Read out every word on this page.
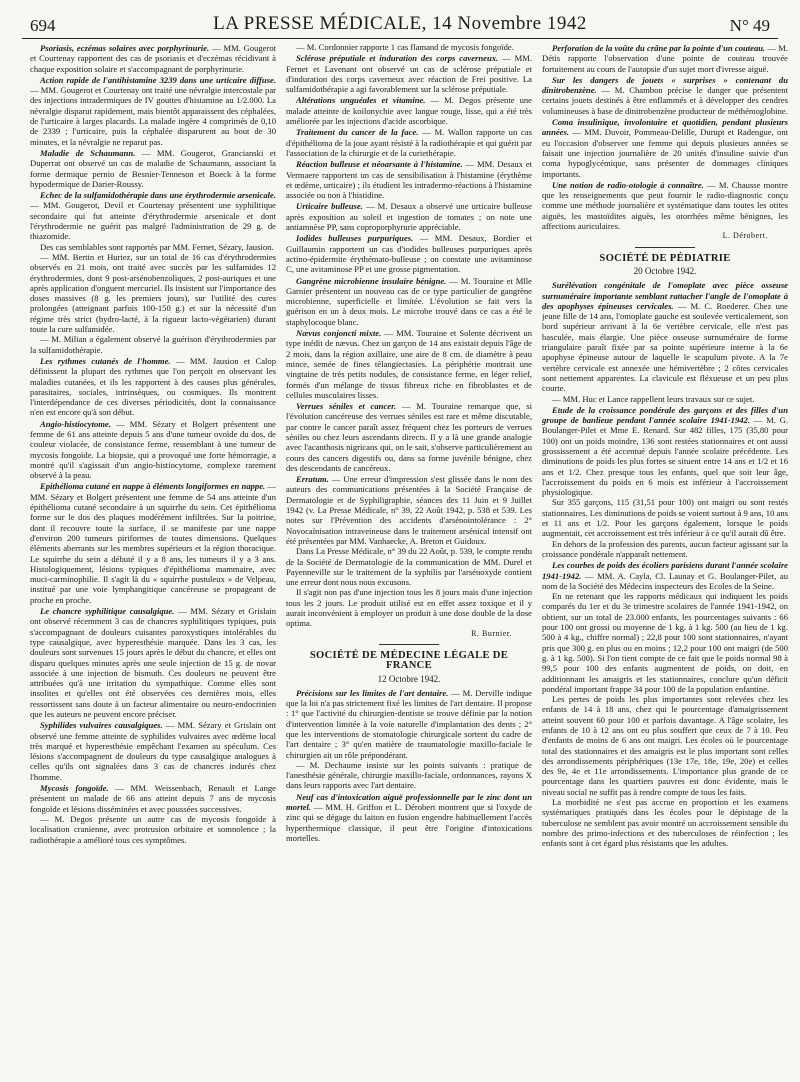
694	LA PRESSE MÉDICALE, 14 Novembre 1942	N° 49

Psoriasis, eczémas solaires avec porphyrinurie. — MM. Gougerot et Courtenay rapportent des cas de psoriasis et d'eczémas récidivant à chaque exposition solaire et s'accompagnant de porphyrinurie.

Action rapide de l'antihistamine 3239 dans une urticaire diffuse. — MM. Gougerot et Courtenay ont traité une névralgie intercostale par des injections intradermiques de IV gouttes d'histamine au 1/2.000. La névralgie disparut rapidement, mais bientôt apparaissent des céphalées, de l'urticaire à larges placards. La malade ingère 4 comprimés de 0,10 de 2339 ; l'urticaire, puis la céphalée disparurent au bout de 30 minutes, et la névralgie ne reparut pas.

Maladie de Schaumann. — MM. Gougerot, Grancianski et Duperrat ont observé un cas de maladie de Schaumann, associant la forme dermique pernio de Besnier-Tenneson et Boeck à la forme hypodermique de Darier-Roussy.

Echec de la sulfamidothérapie dans une érythrodermie arsenicale. — MM. Gougerot, Devil et Courtenay présentent une syphilitique secondaire qui fut atteinte d'érythrodermie arsenicale et dont l'érythrodermie ne guérit pas malgré l'administration de 29 g. de thiazomide.

Des cas semblables sont rapportés par MM. Fernet, Sézary, Jausion.

— MM. Bertin et Huriez, sur un total de 16 cas d'érythrodermies observés en 21 mois, ont traité avec succès par les sulfamides 12 érythrodermies, dont 9 post-arsénobenzoliques, 2 post-auriques et une après application d'onguent mercuriel. Ils insistent sur l'importance des doses massives (8 g. les premiers jours), sur l'utilité des cures prolongées (atteignant parfois 100-150 g.) et sur la nécessité d'un régime très strict (hydro-lacté, à la rigueur lacto-végétarien) durant toute la cure sulfamidée.

— M. Milian a également observé la guérison d'érythrodermies par la sulfamidothérapie.

Les rythmes cutanés de l'homme. — MM. Jausion et Calop définissent la plupart des rythmes que l'on perçoit en observant les maladies cutanées, et ils les rapportent à des causes plus générales, parasitaires, sociales, intrinsèques, ou cosmiques. Ils montrent l'interdépendance de ces diverses périodicités, dont la connaissance n'en est encore qu'à son début.

Angio-histiocytome. — MM. Sézary et Bolgert présentent une femme de 61 ans atteinte depuis 5 ans d'une tumeur ovoïde du dos, de couleur violacée, de consistance ferme, ressemblant à une tumeur de mycosis fongoïde. La biopsie, qui a provoqué une forte hémorragie, a montré qu'il s'agissait d'un angio-histiocytome, complexe rarement observé à la peau.

Epithélioma cutané en nappe à éléments longiformes en nappe. — MM. Sézary et Bolgert présentent une femme de 54 ans atteinte d'un épithélioma cutané secondaire à un squirrhe du sein. Cet épithélioma forme sur le dos des plaques modérément infiltrées. Sur la poitrine, dont il recouvre toute la surface, il se manifeste par une nappe d'environ 200 tumeurs piriformes de toutes dimensions. Quelques éléments aberrants sur les membres supérieurs et la région thoracique. Le squirrhe du sein a débuté il y a 8 ans, les tumeurs il y a 3 ans. Histologiquement, lésions typiques d'épithélioma mammaire, avec muci-carminophilie. Il s'agit là du « squirrhe pustuleux » de Velpeau, institué par une voie lymphangitique cancéreuse se propageant de proche en proche.

Le chancre syphilitique causalgique. — MM. Sézary et Grislain ont observé récemment 3 cas de chancres syphilitiques typiques, puis s'accompagnant de douleurs cuisantes paroxystiques intolérables du type causalgique, avec hyperesthésie marquée. Dans les 3 cas, les douleurs sont survenues 15 jours après le début du chancre, et elles ont disparu quelques minutes après une seule injection de 15 g. de novar associée à une injection de bismuth. Ces douleurs ne peuvent être attribuées qu'à une irritation du sympathique. Comme elles sont insolites et qu'elles ont été observées ces dernières mois, elles ressortissent sans doute à un facteur alimentaire ou neuro-endocrinien que les auteurs ne peuvent encore préciser.

Syphilides vulvaires causalgiques. — MM. Sézary et Grislain ont observé une femme atteinte de syphilides vulvaires avec œdème local très marqué et hyperesthésie empêchant l'examen au spéculum. Ces lésions s'accompagnent de douleurs du type causalgique analogues à celles qu'ils ont signalées dans 3 cas de chancres indurés chez l'homme.

Mycosis fongoïde. — MM. Weissenbach, Renault et Lange présentent un malade de 66 ans atteint depuis 7 ans de mycosis fongoïde et lésions disséminées et avec poussées successives.

— M. Degos présente un autre cas de mycosis fongoïde à localisation cranienne, avec protrusion orbitaire et somnolence ; la radiothérapie a amélioré tous ces symptômes.

— M. Cordonnier rapporte 1 cas flamand de mycosis fongoïde.

Sclérose préputiale et induration des corps caverneux. — MM. Fernet et Lavenant ont observé un cas de sclérose préputiale et d'induration des corps caverneux avec réaction de Frei positive. La sulfamidothérapie a agi favorablement sur la sclérose préputiale.

Altérations unguéales et vitamine. — M. Degos présente une malade atteinte de koilonychie avec langue rouge, lisse, qui a été très améliorée par les injections d'acide ascorbique.

Traitement du cancer de la face. — M. Wallon rapporte un cas d'épithélioma de la joue ayant résisté à la radiothérapie et qui guérit par l'association de la chirurgie et de la curiethérapie.

Réaction bulleuse et néoarsante à l'histamine. — MM. Desaux et Vermaere rapportent un cas de sensibilisation à l'histamine (érythème et œdème, urticaire) ; ils étudient les intradermo-réactions à l'histamine associée ou non à l'histidine.

Urticaire bulleuse. — M. Desaux a observé une urticaire bulleuse après exposition au soleil et ingestion de tomates ; on note une antiamnèse PP, sans coproporphyrurie appréciable.

Iodides bulleuses purpuriques. — MM. Desaux, Bordier et Guillaumin rapportent un cas d'iodides bulleuses purpuriques après actino-épidermite érythémato-bulleuse ; on constate une avitaminose C, une avitaminose PP et une grosse pigmentation.

Gangrène microbienne insulaire bénigne. — M. Touraine et Mlle Garnier présentent un nouveau cas de ce type particulier de gangrène microbienne, superficielle et limitée. L'évolution se fait vers la guérison en un à deux mois. Le microbe trouvé dans ce cas a été le staphylocoque blanc.

Nævus conjoncti mixte. — MM. Touraine et Solente décrivent un type inédit de nævus. Chez un garçon de 14 ans existait depuis l'âge de 2 mois, dans la région axillaire, une aire de 8 cm. de diamètre à peau mince, semée de fines télangiectasies. La périphérie montrait une vingtaine de très petits nodules, de consistance ferme, en léger relief, formés d'un mélange de tissus fibreux riche en fibroblastes et de cellules musculaires lisses.

Verrues séniles et cancer. — M. Touraine remarque que, si l'évolution cancéreuse des verrues séniles est rare et même discutable, par contre le cancer paraît assez fréquent chez les porteurs de verrues séniles ou chez leurs ascendants directs. Il y a là une grande analogie avec l'acanthosis nigricans qui, on le sait, s'observe particulièrement au cours des cancers digestifs ou, dans sa forme juvénile bénigne, chez des descendants de cancéreux.

Erratum. — Une erreur d'impression s'est glissée dans le nom des auteurs des communications présentées à la Société Française de Dermatologie et de Syphiligraphie, séances des 11 Juin et 9 Juillet 1942 (v. La Presse Médicale, n° 39, 22 Août 1942, p. 538 et 539. Les notes sur l'Prévention des accidents d'arsénointolérance : 2° Novocaïnisation intraveineuse dans le traitement arsénical intensif ont été présentées par MM. Vanhaecke, A. Breton et Guidoux.

Dans La Presse Médicale, n° 39 du 22 Août, p. 539, le compte rendu de la Société de Dermatologie de la communication de MM. Durel et Payenneville sur le traitement de la syphilis par l'arsénoxyde contient une erreur dont nous nous excusons.

Il s'agit non pas d'une injection tous les 8 jours mais d'une injection tous les 2 jours. Le produit utilisé est en effet assez toxique et il y aurait inconvénient à employer un produit à une dose double de la dose optima.

R. Burnier.
SOCIÉTÉ DE MÉDECINE LÉGALE DE FRANCE
12 Octobre 1942.

Précisions sur les limites de l'art dentaire. — M. Derville indique que la loi n'a pas strictement fixé les limites de l'art dentaire. Il propose : 1° que l'activité du chirurgien-dentiste se trouve définie par la notion d'intervention limitée à la voie naturelle d'implantation des dents ; 2° que les interventions de stomatologie chirurgicale sortent du cadre de l'art dentaire ; 3° qu'en matière de traumatologie maxillo-faciale le chirurgien ait un rôle prépondérant.

— M. Dechaume insiste sur les points suivants : pratique de l'anesthésie générale, chirurgie maxillo-faciale, ordonnances, rayons X dans leurs rapports avec l'art dentaire.

Neuf cas d'intoxication aiguë professionnelle par le zinc dont un mortel. — MM. H. Griffon et L. Dérobert montrent que si l'oxyde de zinc qui se dégage du laiton en fusion engendre habituellement l'accès hyperthermique classique, il peut être l'origine d'intoxications mortelles.

Perforation de la voûte du crâne par la pointe d'un couteau. — M. Détis rapporte l'observation d'une pointe de couteau trouvée fortuitement au cours de l'autopsie d'un sujet mort d'ivresse aiguë.

Sur les dangers de jouets « surprises » contenant du dinitrobenzène. — M. Chambon précise le danger que présentent certains jouets destinés à être enflammés et à développer des cendres volumineuses à base de dinitrobenzène producteur de méthémoglobine.

Coma insulinique, involontaire et quotidien, pendant plusieurs années. — MM. Duvoir, Pommeau-Delille, Durupt et Radengue, ont eu l'occasion d'observer une femme qui depuis plusieurs années se faisait une injection journalière de 20 unités d'insuline suivie d'un coma hypoglycémique, sans présenter de dommages cliniques importants.

Une notion de radio-otologie à connaître. — M. Chausse montre que les renseignements que peut fournir le radio-diagnostic conçu comme une méthode journalière et systématique dans toutes les otites aiguës, les mastoïdites aiguës, les otorrhées même bénignes, les affections auriculaires.

L. Dérobert.
SOCIÉTÉ DE PÉDIATRIE
20 Octobre 1942.

Surélévation congénitale de l'omoplate avec pièce osseuse surnuméraire importante semblant rattacher l'angle de l'omoplate à des apophyses épineuses cervicales. — M. C. Roederer. Chez une jeune fille de 14 ans, l'omoplate gauche est soulevée verticalement, son bord supérieur arrivant à la 6e vertèbre cervicale, elle n'est pas basculée, mais élargie. Une pièce osseuse surnuméraire de forme triangulaire paraît fixée par sa pointe supérieure interne à la 6e apophyse épineuse autour de laquelle le scapulum pivote. A la 7e vertèbre cervicale est annexée une hémivertèbre ; 2 côtes cervicales sont nettement apparentes. La clavicule est fléxueuse et un peu plus courte.

— MM. Huc et Lance rappellent leurs travaux sur ce sujet.

Etude de la croissance pondérale des garçons et des filles d'un groupe de banlieue pendant l'année scolaire 1941-1942. — M. G. Boulanger-Pilet et Mme E. Renard. Sur 482 filles, 175 (35,80 pour 100) ont un poids moindre, 136 sont restées stationnaires et ont aussi grossissement a été accentué depuis l'année scolaire précédente. Les diminutions de poids les plus fortes se situent entre 14 ans et 1/2 et 16 ans et 1/2. Chez presque tous les enfants, quel que soit leur âge, l'accroissement du poids en 6 mois est inférieur à l'accroissement physiologique.

Sur 355 garçons, 115 (31,51 pour 100) ont maigri ou sont restés stationnaires. Les diminutions de poids se voient surtout à 9 ans, 10 ans et 11 ans et 1/2. Pour les garçons également, lorsque le poids augmentait, cet accroissement est très inférieur à ce qu'il aurait dû être.

En dehors de la profession des parents, aucun facteur agissant sur la croissance pondérale n'apparaît nettement.

Les courbes de poids des écoliers parisiens durant l'année scolaire 1941-1942. — MM. A. Cayla, Cl. Launay et G. Boulanger-Pilet, au nom de la Société des Médecins inspecteurs des Ecoles de la Seine.

En ne retenant que les rapports médicaux qui indiquent les poids comparés du 1er et du 3e trimestre scolaires de l'année 1941-1942, on obtient, sur un total de 23.000 enfants, les pourcentages suivants : 66 pour 100 ont grossi ou moyenne de 1 kg. à 1 kg. 500 (au lieu de 1 kg. 500 à 4 kg., chiffre normal) ; 22,8 pour 100 sont stationnaires, n'ayant pris que 300 g. en plus ou en moins ; 12,2 pour 100 ont maigri (de 500 g. à 1 kg. 500). Si l'on tient compte de ce fait que le poids normal 98 à 99,5 pour 100 des enfants augmentent de poids, on doit, en additionnant les amaigris et les stationnaires, conclure qu'un déficit pondéral important frappe 34 pour 100 de la population enfantine.

Les pertes de poids les plus importantes sont relevées chez les enfants de 14 à 18 ans, chez qui le pourcentage d'amaigrissement atteint souvent 60 pour 100 et parfois davantage. A l'âge scolaire, les enfants de 10 à 12 ans ont eu plus souffert que ceux de 7 à 10. Peu d'enfants de moins de 6 ans ont maigri. Les écoles où le pourcentage total des stationnaires et des amaigris est le plus important sont celles des arrondissements périphériques (13e 17e, 18e, 19e, 20e) et celles des 9e, 4e et 11e arrondissements. L'importance plus grande de ce pourcentage dans les quartiers pauvres est donc évidente, mais le niveau social ne suffit pas à rendre compte de tous les faits.

La morbidité ne s'est pas accrue en proportion et les examens systématiques pratiqués dans les écoles pour le dépistage de la tuberculose ne semblent pas avoir montré un accroissement sensible du nombre des primo-infections et des tuberculoses de réinfection ; les enfants sont à cet égard plus résistants que les adultes.
